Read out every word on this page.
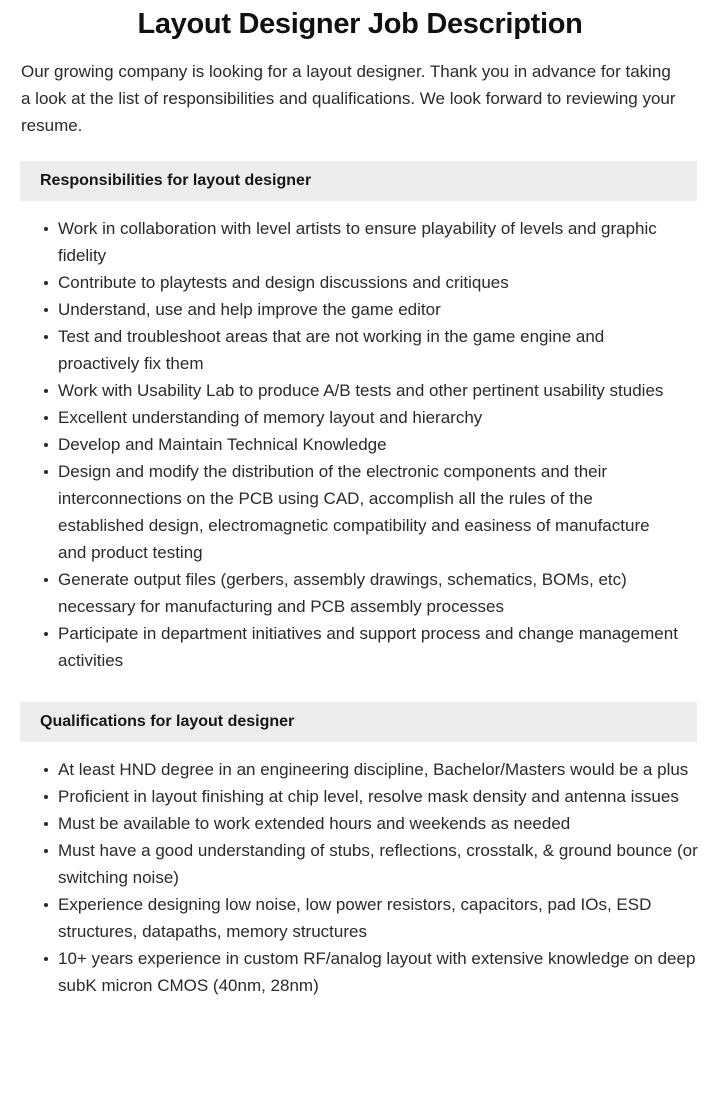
Layout Designer Job Description

Our growing company is looking for a layout designer. Thank you in advance for taking a look at the list of responsibilities and qualifications. We look forward to reviewing your resume.

Responsibilities for layout designer
Work in collaboration with level artists to ensure playability of levels and graphic fidelity
Contribute to playtests and design discussions and critiques
Understand, use and help improve the game editor
Test and troubleshoot areas that are not working in the game engine and proactively fix them
Work with Usability Lab to produce A/B tests and other pertinent usability studies
Excellent understanding of memory layout and hierarchy
Develop and Maintain Technical Knowledge
Design and modify the distribution of the electronic components and their interconnections on the PCB using CAD, accomplish all the rules of the established design, electromagnetic compatibility and easiness of manufacture and product testing
Generate output files (gerbers, assembly drawings, schematics, BOMs, etc) necessary for manufacturing and PCB assembly processes
Participate in department initiatives and support process and change management activities
Qualifications for layout designer
At least HND degree in an engineering discipline, Bachelor/Masters would be a plus
Proficient in layout finishing at chip level, resolve mask density and antenna issues
Must be available to work extended hours and weekends as needed
Must have a good understanding of stubs, reflections, crosstalk, & ground bounce (or switching noise)
Experience designing low noise, low power resistors, capacitors, pad IOs, ESD structures, datapaths, memory structures
10+ years experience in custom RF/analog layout with extensive knowledge on deep subK micron CMOS (40nm, 28nm)
